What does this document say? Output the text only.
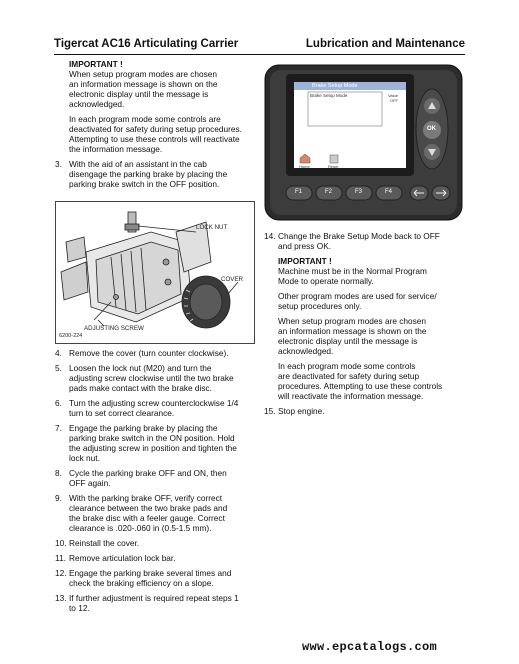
Tigercat AC16 Articulating Carrier	Lubrication and Maintenance
IMPORTANT !
When setup program modes are chosen
an information message is shown on the
electronic display until the message is
acknowledged.
In each program mode some controls are
deactivated for safety during setup procedures.
Attempting to use these controls will reactivate
the information message.
3. With the aid of an assistant in the cab
disengage the parking brake by placing the
parking brake switch in the OFF position.
LOCK NUT
COVER
ADJUSTING SCREW
6200-224
4. Remove the cover (turn counter clockwise).
5. Loosen the lock nut (M20) and turn the
adjusting screw clockwise until the two brake
pads make contact with the brake disc.
6. Turn the adjusting screw counterclockwise 1/4
turn to set correct clearance.
7. Engage the parking brake by placing the
parking brake switch in the ON position. Hold
the adjusting screw in position and tighten the
lock nut.
8. Cycle the parking brake OFF and ON, then
OFF again.
9. With the parking brake OFF, verify correct
clearance between the two brake pads and
the brake disc with a feeler gauge. Correct
clearance is .020-.060 in (0.5-1.5 mm).
10. Reinstall the cover.
11. Remove articulation lock bar.
12. Engage the parking brake several times and
check the braking efficiency on a slope.
13. If further adjustment is required repeat steps 1
to 12.
Brake Setup Mode
Brake Setup Mode	Value
OFF
Home	Reset
OK
F1	F2	F3	F4
14. Change the Brake Setup Mode back to OFF
and press OK.
IMPORTANT !
Machine must be in the Normal Program
Mode to operate normally.
Other program modes are used for service/
setup procedures only.
When setup program modes are chosen
an information message is shown on the
electronic display until the message is
acknowledged.
In each program mode some controls
are deactivated for safety during setup
procedures. Attempting to use these controls
will reactivate the information message.
15. Stop engine.
www.epcatalogs.com
